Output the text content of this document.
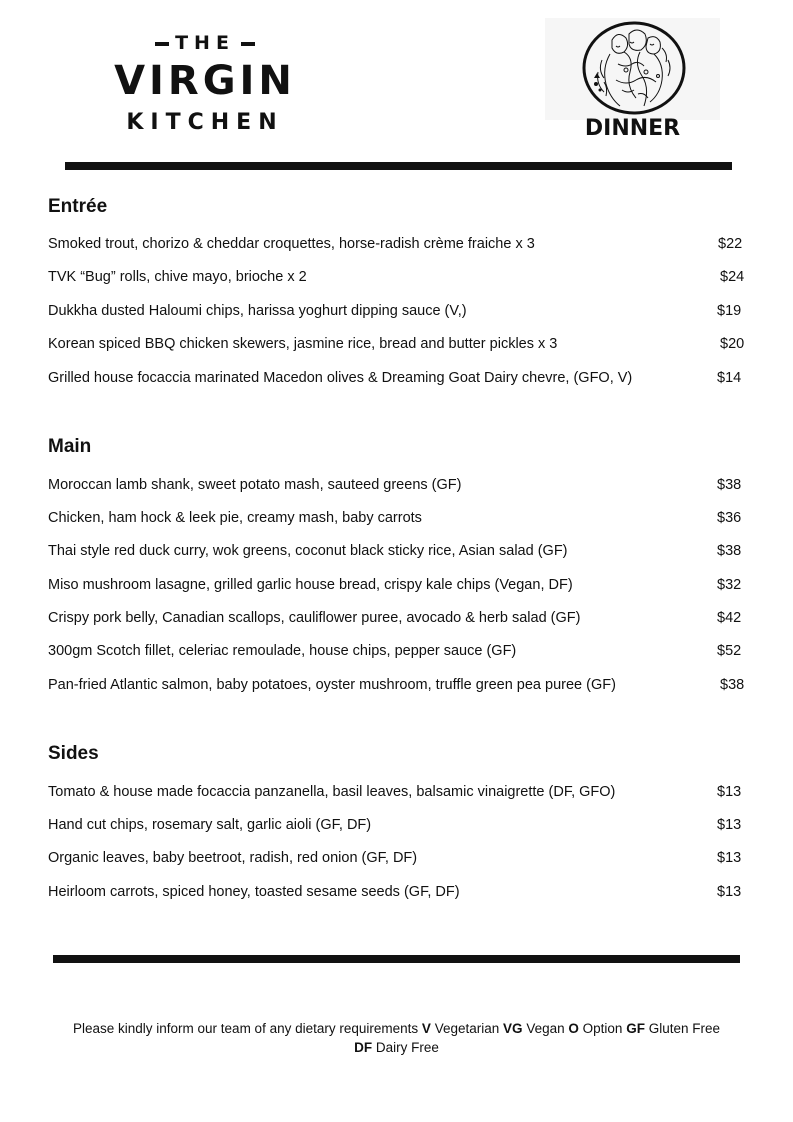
THE
VIRGIN
KITCHEN	DINNER
Entrée
Smoked trout, chorizo & cheddar croquettes, horse-radish crème fraiche x 3	$22
TVK “Bug” rolls, chive mayo, brioche x 2	$24
Dukkha dusted Haloumi chips, harissa yoghurt dipping sauce (V,)	$19
Korean spiced BBQ chicken skewers, jasmine rice, bread and butter pickles x 3	$20
Grilled house focaccia marinated Macedon olives & Dreaming Goat Dairy chevre, (GFO, V)	$14
Main
Moroccan lamb shank, sweet potato mash, sauteed greens (GF)	$38
Chicken, ham hock & leek pie, creamy mash, baby carrots	$36
Thai style red duck curry, wok greens, coconut black sticky rice, Asian salad (GF)	$38
Miso mushroom lasagne, grilled garlic house bread, crispy kale chips (Vegan, DF)	$32
Crispy pork belly, Canadian scallops, cauliflower puree, avocado & herb salad (GF)	$42
300gm Scotch fillet, celeriac remoulade, house chips, pepper sauce (GF)	$52
Pan-fried Atlantic salmon, baby potatoes, oyster mushroom, truffle green pea puree (GF)	$38
Sides
Tomato & house made focaccia panzanella, basil leaves, balsamic vinaigrette (DF, GFO)	$13
Hand cut chips, rosemary salt, garlic aioli (GF, DF)	$13
Organic leaves, baby beetroot, radish, red onion (GF, DF)	$13
Heirloom carrots, spiced honey, toasted sesame seeds (GF, DF)	$13
Please kindly inform our team of any dietary requirements V Vegetarian VG Vegan O Option GF Gluten Free
DF Dairy Free
